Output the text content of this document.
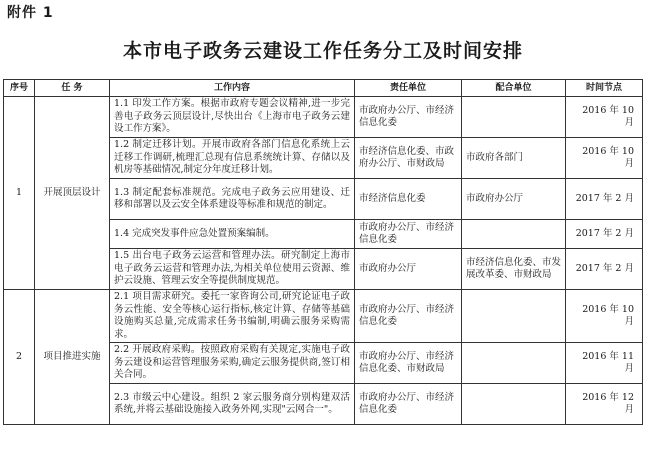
附件 1
本市电子政务云建设工作任务分工及时间安排
序号	任 务	工作内容	责任单位	配合单位	时间节点
1	开展顶层设计	1.1 印发工作方案。根据市政府专题会议精神,进一步完善电子政务云顶层设计,尽快出台《上海市电子政务云建设工作方案》。	市政府办公厅、市经济信息化委		2016 年 10 月
		1.2 制定迁移计划。开展市政府各部门信息化系统上云迁移工作调研,梳理汇总现有信息系统统计算、存储以及机房等基础情况,制定分年度迁移计划。	市经济信息化委、市政府办公厅、市财政局	市政府各部门	2016 年 10 月
		1.3 制定配套标准规范。完成电子政务云应用建设、迁移和部署以及云安全体系建设等标准和规范的制定。	市经济信息化委	市政府办公厅	2017 年 2 月
		1.4 完成突发事件应急处置预案编制。	市政府办公厅、市经济信息化委		2017 年 2 月
		1.5 出台电子政务云运营和管理办法。研究制定上海市电子政务云运营和管理办法,为相关单位使用云资源、维护云设施、管理云安全等提供制度规范。	市政府办公厅	市经济信息化委、市发展改革委、市财政局	2017 年 2 月
2	项目推进实施	2.1 项目需求研究。委托一家咨询公司,研究论证电子政务云性能、安全等核心运行指标,核定计算、存储等基础设施购买总量,完成需求任务书编制,明确云服务采购需求。	市政府办公厅、市经济信息化委		2016 年 10 月
		2.2 开展政府采购。按照政府采购有关规定,实施电子政务云建设和运营管理服务采购,确定云服务提供商,签订相关合同。	市政府办公厅、市经济信息化委、市财政局		2016 年 11 月
		2.3 市级云中心建设。组织 2 家云服务商分别构建双活系统,并将云基础设施接入政务外网,实现"云网合一"。	市政府办公厅、市经济信息化委		2016 年 12 月
